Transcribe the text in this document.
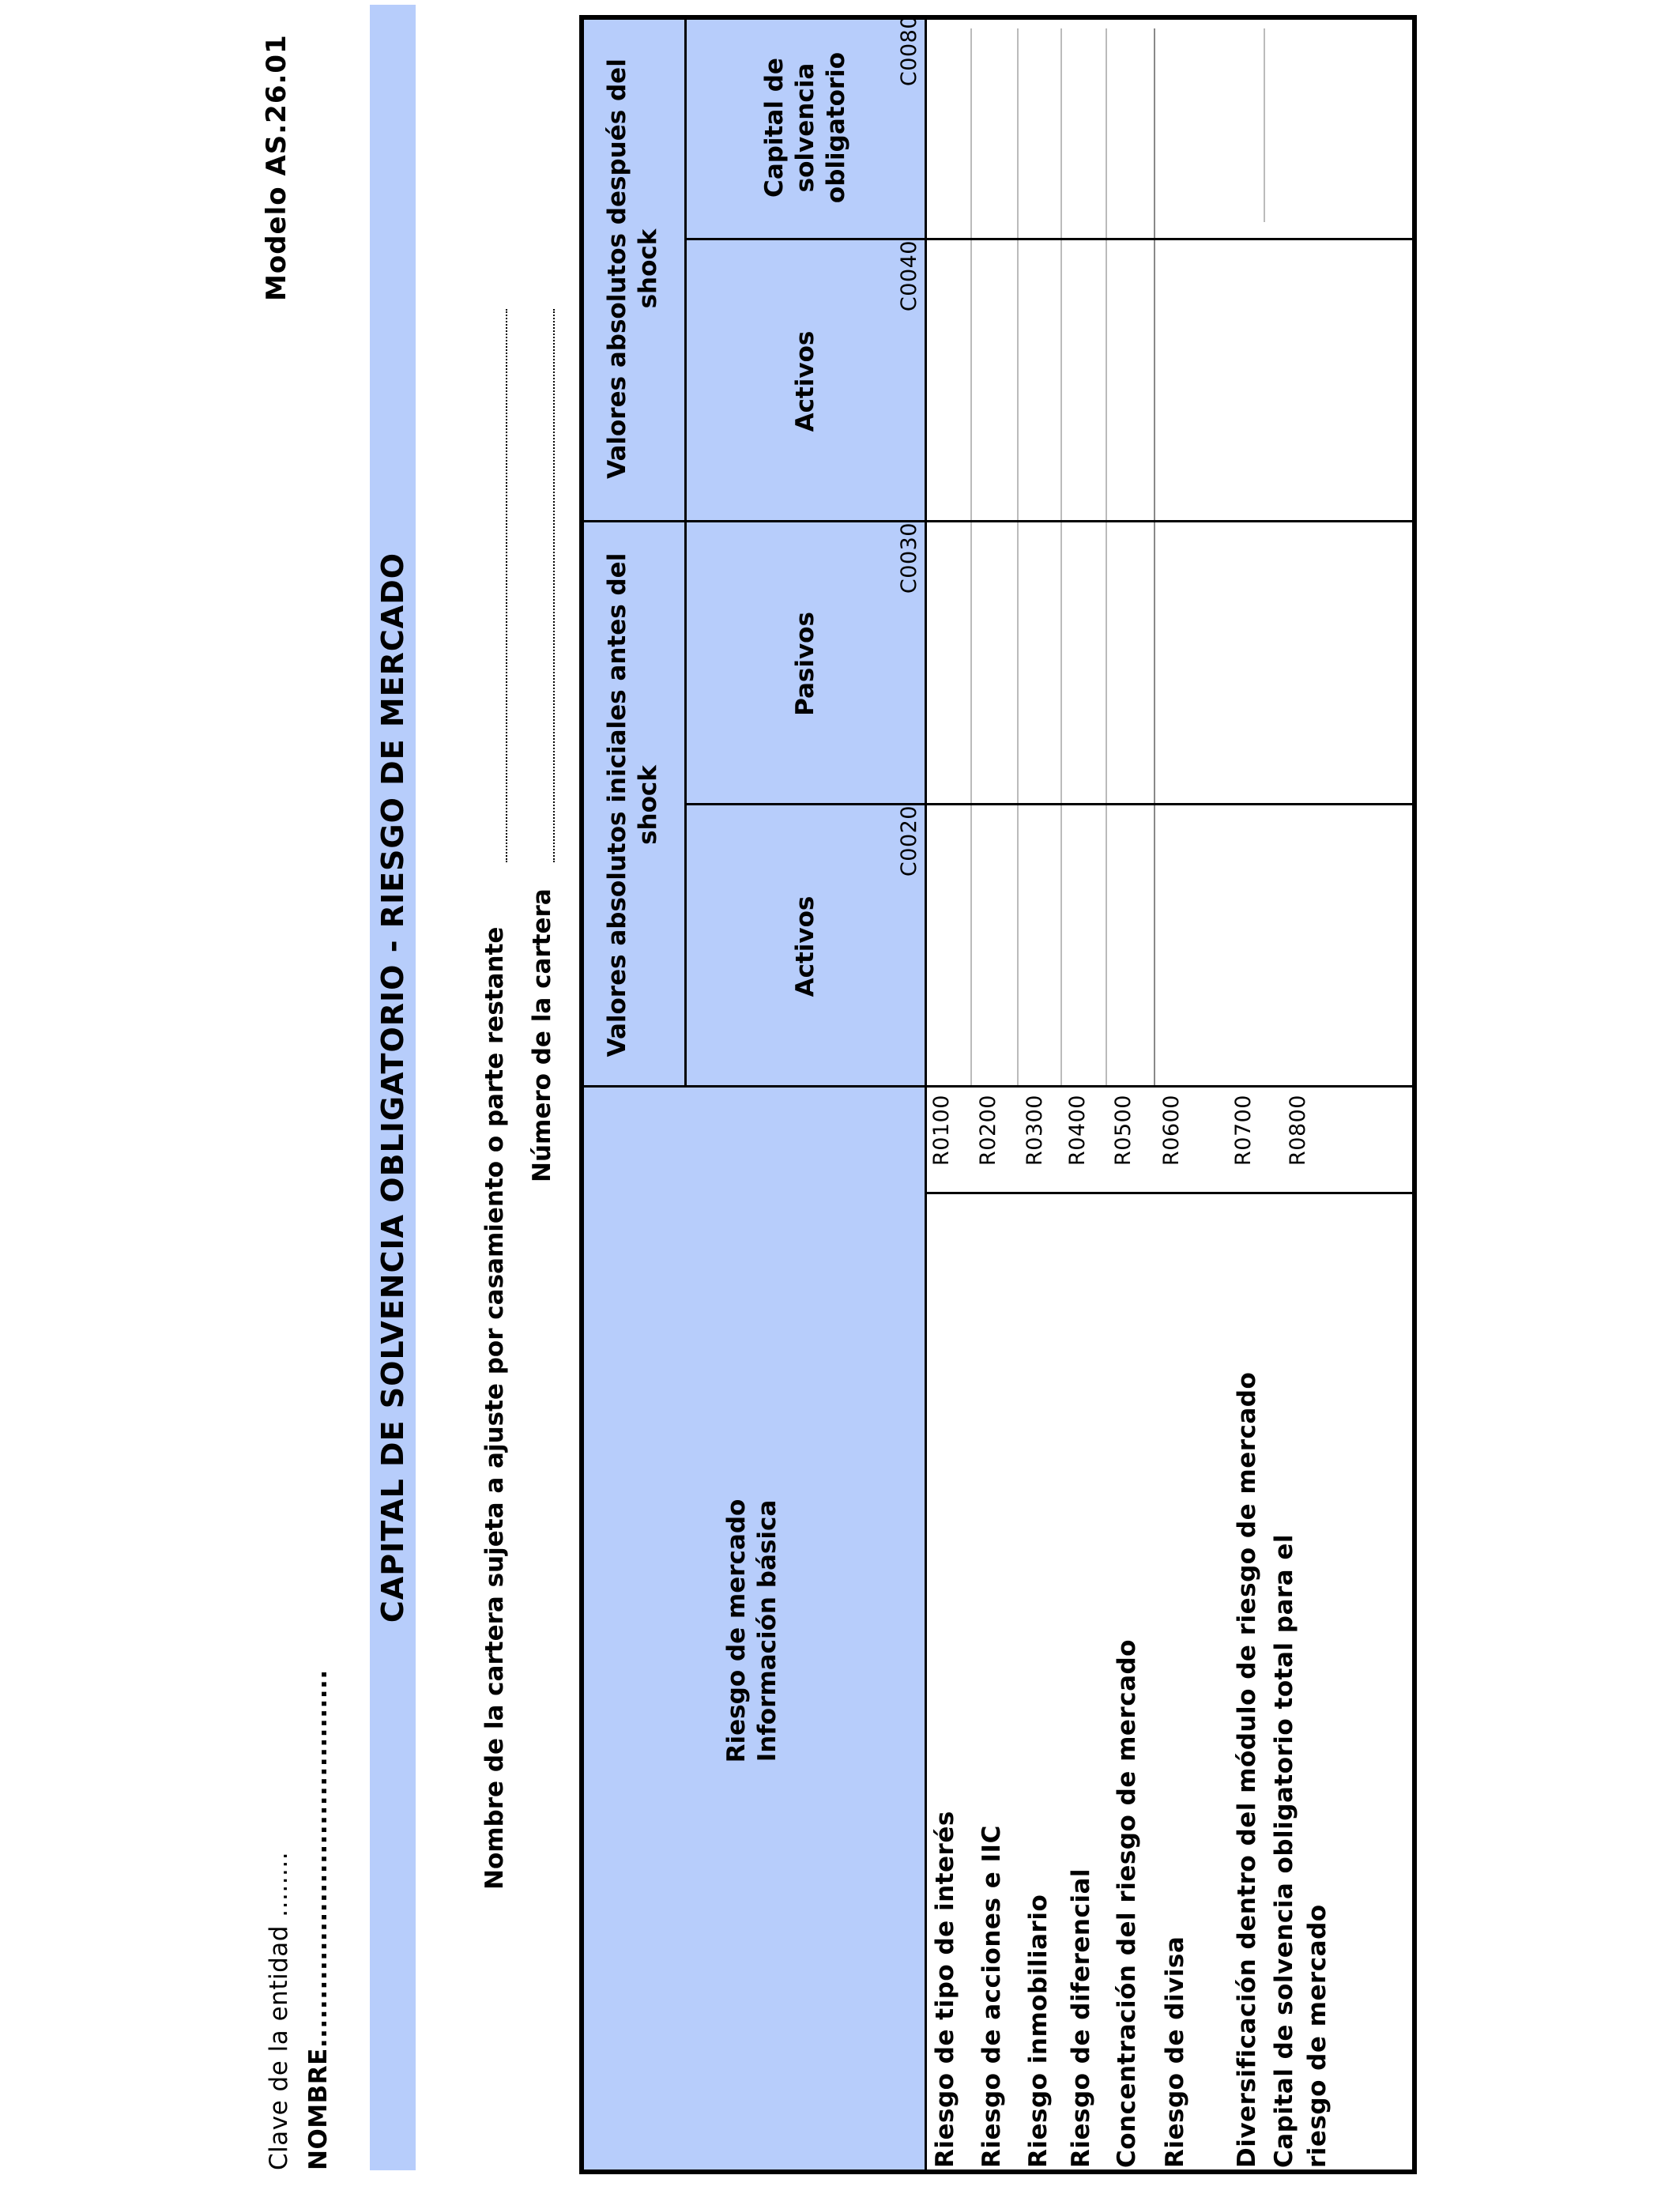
Clave de la entidad ........ NOMBRE.......................................
Modelo AS.26.01
CAPITAL DE SOLVENCIA OBLIGATORIO - RIESGO DE MERCADO	Nombre de la cartera sujeta a ajuste por casamiento o parte restante Número de la cartera
Riesgo de mercado Información básica
Valores absolutos iniciales antes del shock
Valores absolutos después del shock
Activos
Pasivos
Activos
Capital de solvencia obligatorio
C0020
C0030
C0040
C0080
Riesgo de tipo de interés Riesgo de acciones e IIC Riesgo inmobiliario Riesgo de diferencial Concentración del riesgo de mercado Riesgo de divisa Diversificación dentro del módulo de riesgo de mercado Capital de solvencia obligatorio total para el riesgo de mercado
R0100 R0200 R0300 R0400 R0500 R0600 R0700 R0800
